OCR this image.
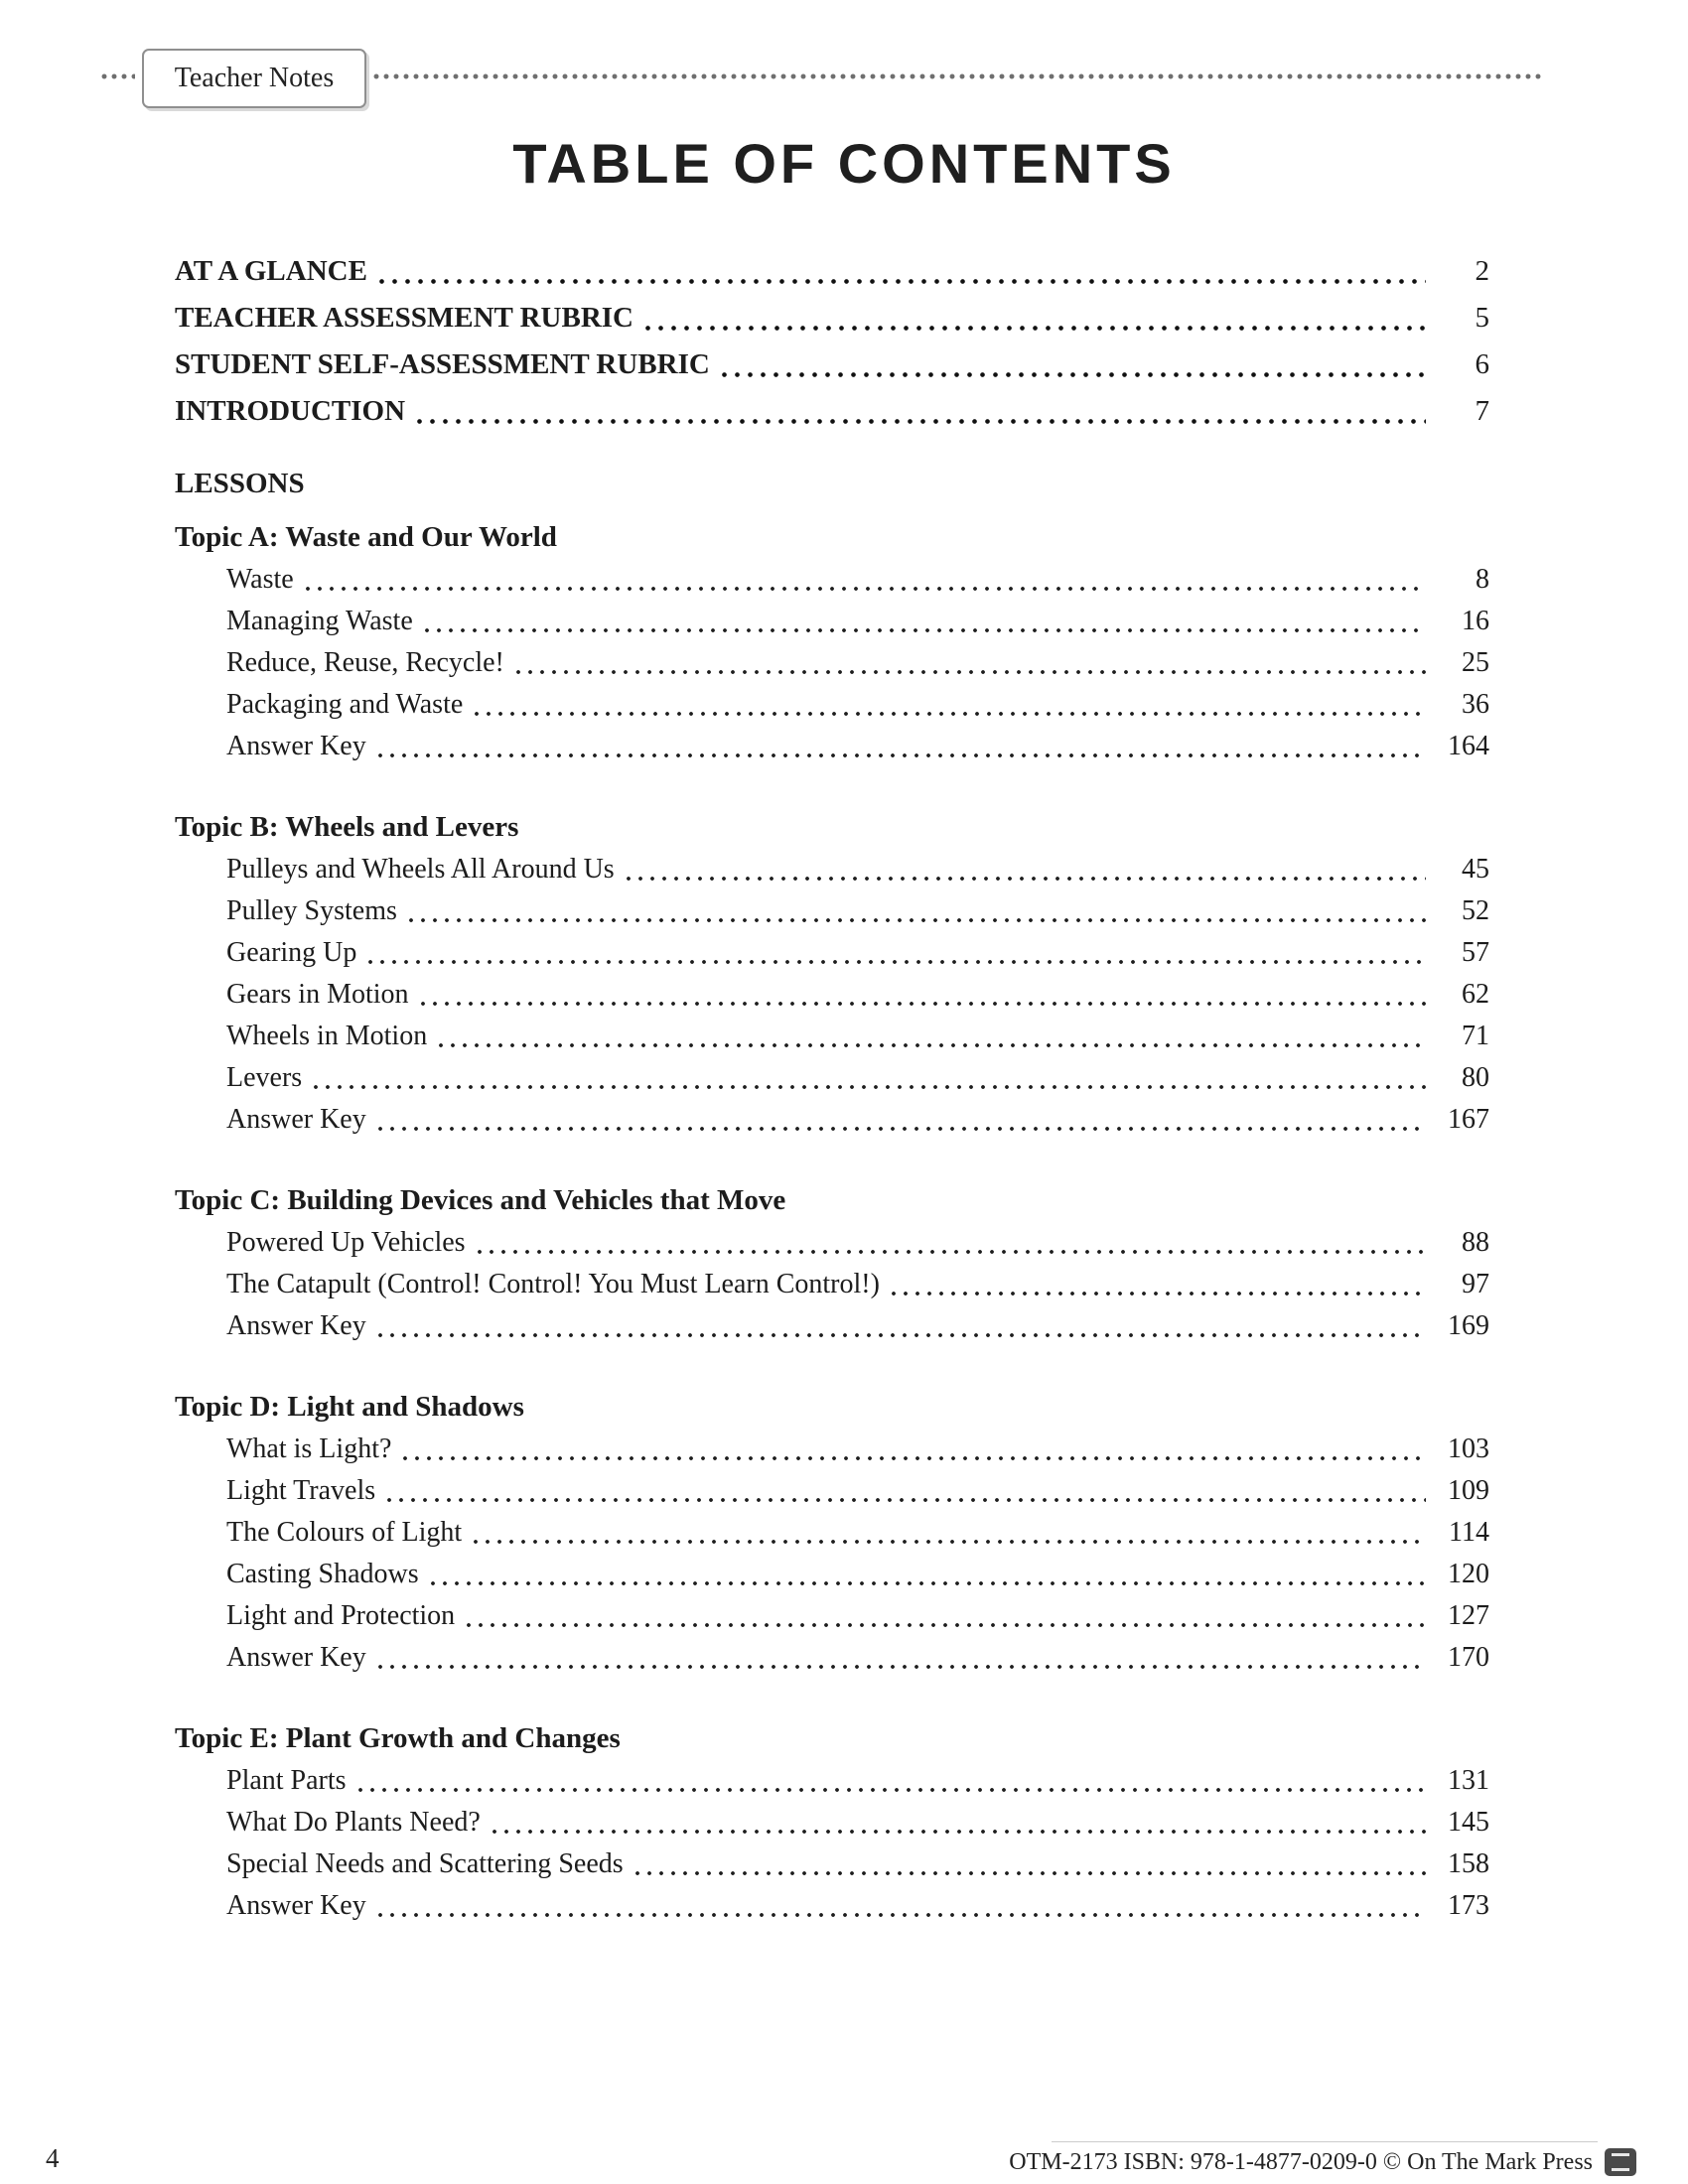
Teacher Notes
TABLE OF CONTENTS
AT A GLANCE	2
TEACHER ASSESSMENT RUBRIC	5
STUDENT SELF-ASSESSMENT RUBRIC	6
INTRODUCTION	7
LESSONS
Topic A: Waste and Our World
Waste	8
Managing Waste	16
Reduce, Reuse, Recycle!	25
Packaging and Waste	36
Answer Key	164
Topic B: Wheels and Levers
Pulleys and Wheels All Around Us	45
Pulley Systems	52
Gearing Up	57
Gears in Motion	62
Wheels in Motion	71
Levers	80
Answer Key	167
Topic C: Building Devices and Vehicles that Move
Powered Up Vehicles	88
The Catapult (Control! Control! You Must Learn Control!)	97
Answer Key	169
Topic D: Light and Shadows
What is Light?	103
Light Travels	109
The Colours of Light	114
Casting Shadows	120
Light and Protection	127
Answer Key	170
Topic E: Plant Growth and Changes
Plant Parts	131
What Do Plants Need?	145
Special Needs and Scattering Seeds	158
Answer Key	173
4	OTM-2173 ISBN: 978-1-4877-0209-0 © On The Mark Press
